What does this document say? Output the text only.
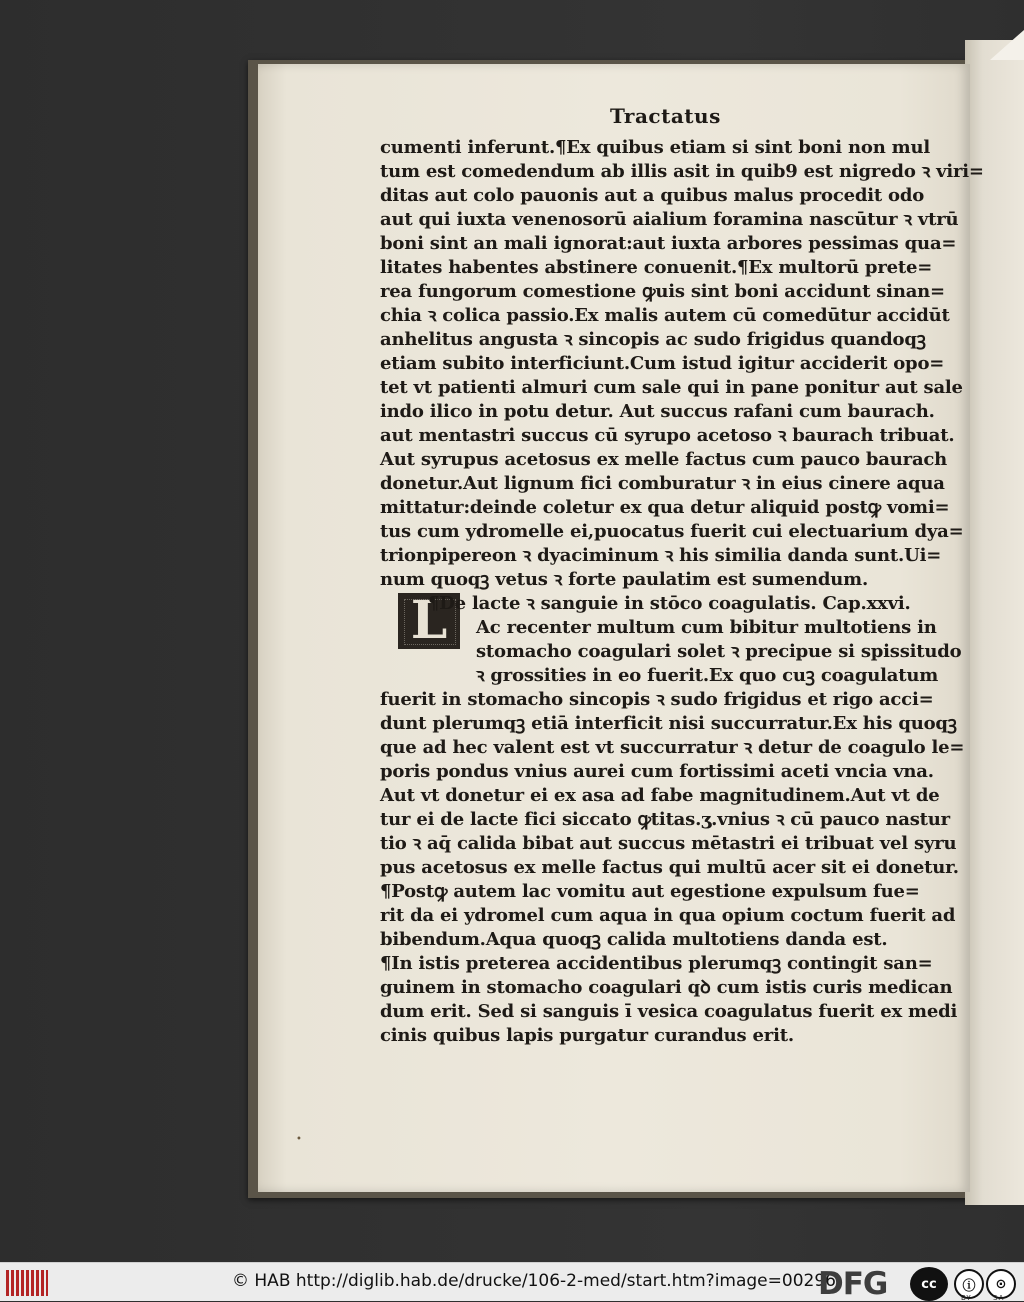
Tractatus
L
cumenti inferunt.¶Ex quibus etiam si sint boni non mul
tum est comedendum ab illis asit in quib9 est nigredo ꝛ viri=
ditas aut colo pauonis aut a quibus malus procedit odo
aut qui iuxta venenosorū aialium foramina nascūtur ꝛ vtrū
boni sint an mali ignorat:aut iuxta arbores pessimas qua=
litates habentes abstinere conuenit.¶Ex multorū prete=
rea fungorum comestione ꝙuis sint boni accidunt sinan=
chia ꝛ colica passio.Ex malis autem cū comedūtur accidūt
anhelitus angusta ꝛ sincopis ac sudo frigidus quandoqꝫ
etiam subito interficiunt.Cum istud igitur acciderit opo=
tet vt patienti almuri cum sale qui in pane ponitur aut sale
indo ilico in potu detur. Aut succus rafani cum baurach.
aut mentastri succus cū syrupo acetoso ꝛ baurach tribuat.
Aut syrupus acetosus ex melle factus cum pauco baurach
donetur.Aut lignum fici comburatur ꝛ in eius cinere aqua
mittatur:deinde coletur ex qua detur aliquid postꝙ vomi=
tus cum ydromelle ei,puocatus fuerit cui electuarium dya=
trionpipereon ꝛ dyaciminum ꝛ his similia danda sunt.Ui=
num quoqꝫ vetus ꝛ forte paulatim est sumendum.
¶De lacte ꝛ sanguie in stōco coagulatis. Cap.xxvi.
Ac recenter multum cum bibitur multotiens in
stomacho coagulari solet ꝛ precipue si spissitudo
ꝛ grossities in eo fuerit.Ex quo cuꝫ coagulatum
fuerit in stomacho sincopis ꝛ sudo frigidus et rigo acci=
dunt plerumqꝫ etiā interficit nisi succurratur.Ex his quoqꝫ
que ad hec valent est vt succurratur ꝛ detur de coagulo le=
poris pondus vnius aurei cum fortissimi aceti vncia vna.
Aut vt donetur ei ex asa ad fabe magnitudinem.Aut vt de
tur ei de lacte fici siccato ꝙtitas.ʒ.vnius ꝛ cū pauco nastur
tio ꝛ aq̄ calida bibat aut succus mētastri ei tribuat vel syru
pus acetosus ex melle factus qui multū acer sit ei donetur.
¶Postꝙ autem lac vomitu aut egestione expulsum fue=
rit da ei ydromel cum aqua in qua opium coctum fuerit ad
bibendum.Aqua quoqꝫ calida multotiens danda est.
¶In istis preterea accidentibus plerumqꝫ contingit san=
guinem in stomacho coagulari qꝺ cum istis curis medican
dum erit. Sed si sanguis ī vesica coagulatus fuerit ex medi
cinis quibus lapis purgatur curandus erit.
•
© HAB http://diglib.hab.de/drucke/106-2-med/start.htm?image=00296
DFG	cc	ⓘ	⊙
BY	SA
